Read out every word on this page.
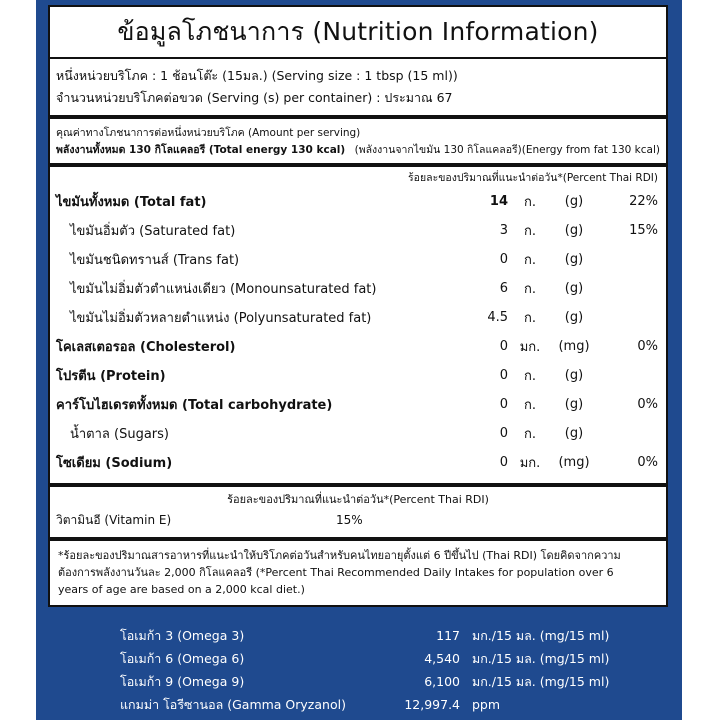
ข้อมูลโภชนาการ (Nutrition Information)
หนึ่งหน่วยบริโภค : 1 ช้อนโต๊ะ (15มล.) (Serving size : 1 tbsp (15 ml))
จำนวนหน่วยบริโภคต่อขวด (Serving (s) per container) : ประมาณ 67
คุณค่าทางโภชนาการต่อหนึ่งหน่วยบริโภค (Amount per serving)
พลังงานทั้งหมด 130 กิโลแคลอรี (Total energy 130 kcal) (พลังงานจากไขมัน 130 กิโลแคลอรี)(Energy from fat 130 kcal)
ร้อยละของปริมาณที่แนะนำต่อวัน*(Percent Thai RDI)
ไขมันทั้งหมด (Total fat)	14	ก.	(g)	22%
ไขมันอิ่มตัว (Saturated fat)	3	ก.	(g)	15%
ไขมันชนิดทรานส์ (Trans fat)	0	ก.	(g)
ไขมันไม่อิ่มตัวตำแหน่งเดียว (Monounsaturated fat)	6	ก.	(g)
ไขมันไม่อิ่มตัวหลายตำแหน่ง (Polyunsaturated fat)	4.5	ก.	(g)
โคเลสเตอรอล (Cholesterol)	0 มก.	(mg)	0%
โปรตีน (Protein)	0	ก.	(g)
คาร์โบไฮเดรตทั้งหมด (Total carbohydrate)	0	ก.	(g)	0%
น้ำตาล (Sugars)	0	ก.	(g)
โซเดียม (Sodium)	0 มก.	(mg)	0%
ร้อยละของปริมาณที่แนะนำต่อวัน*(Percent Thai RDI)
วิตามินอี (Vitamin E)	15%
*ร้อยละของปริมาณสารอาหารที่แนะนำให้บริโภคต่อวันสำหรับคนไทยอายุตั้งแต่ 6 ปีขึ้นไป (Thai RDI) โดยคิดจากความ
ต้องการพลังงานวันละ 2,000 กิโลแคลอรี (*Percent Thai Recommended Daily Intakes for population over 6
years of age are based on a 2,000 kcal diet.)
โอเมก้า 3 (Omega 3)	117 มก./15 มล. (mg/15 ml)
โอเมก้า 6 (Omega 6)	4,540 มก./15 มล. (mg/15 ml)
โอเมก้า 9 (Omega 9)	6,100 มก./15 มล. (mg/15 ml)
แกมม่า โอรีซานอล (Gamma Oryzanol)	12,997.4 ppm
